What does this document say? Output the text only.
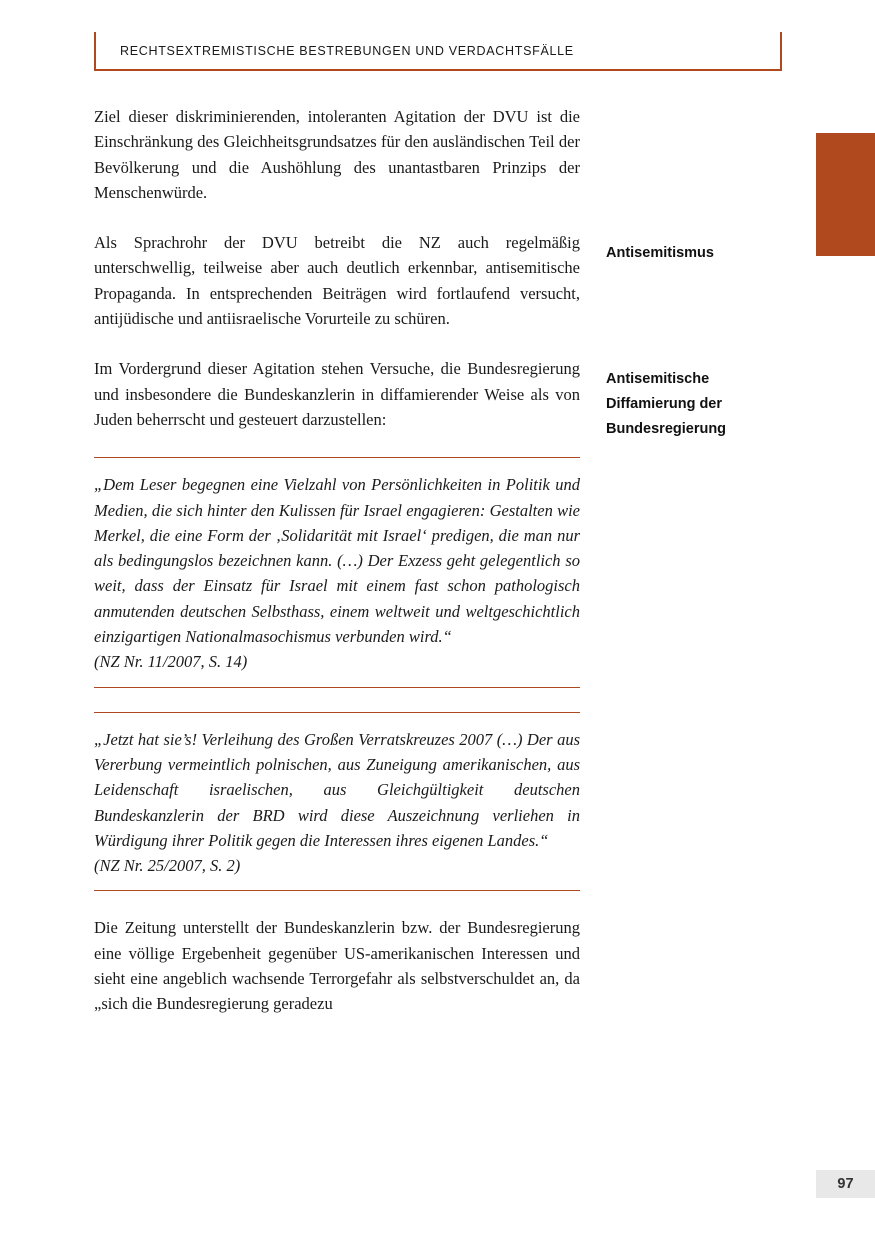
RECHTSEXTREMISTISCHE BESTREBUNGEN UND VERDACHTSFÄLLE
97
Antisemitismus
Antisemitische Diffamierung der Bundesregierung

Ziel dieser diskriminierenden, intoleranten Agitation der DVU ist die Einschränkung des Gleichheitsgrundsatzes für den ausländischen Teil der Bevölkerung und die Aushöhlung des unantastbaren Prinzips der Menschenwürde.

Als Sprachrohr der DVU betreibt die NZ auch regelmäßig unterschwellig, teilweise aber auch deutlich erkennbar, antisemitische Propaganda. In entsprechenden Beiträgen wird fortlaufend versucht, antijüdische und antiisraelische Vorurteile zu schüren.

Im Vordergrund dieser Agitation stehen Versuche, die Bundesregierung und insbesondere die Bundeskanzlerin in diffamierender Weise als von Juden beherrscht und gesteuert darzustellen:

„Dem Leser begegnen eine Vielzahl von Persönlichkeiten in Politik und Medien, die sich hinter den Kulissen für Israel engagieren: Gestalten wie Merkel, die eine Form der ‚Solidarität mit Israel‘ predigen, die man nur als bedingungslos bezeichnen kann. (…) Der Exzess geht gelegentlich so weit, dass der Einsatz für Israel mit einem fast schon pathologisch anmutenden deutschen Selbsthass, einem weltweit und weltgeschichtlich einzigartigen Nationalmasochismus verbunden wird.“

(NZ Nr. 11/2007, S. 14)

„Jetzt hat sie’s! Verleihung des Großen Verratskreuzes 2007 (…) Der aus Vererbung vermeintlich polnischen, aus Zuneigung amerikanischen, aus Leidenschaft israelischen, aus Gleichgültigkeit deutschen Bundeskanzlerin der BRD wird diese Auszeichnung verliehen in Würdigung ihrer Politik gegen die Interessen ihres eigenen Landes.“

(NZ Nr. 25/2007, S. 2)

Die Zeitung unterstellt der Bundeskanzlerin bzw. der Bundesregierung eine völlige Ergebenheit gegenüber US-amerikanischen Interessen und sieht eine angeblich wachsende Terrorgefahr als selbstverschuldet an, da „sich die Bundesregierung geradezu
